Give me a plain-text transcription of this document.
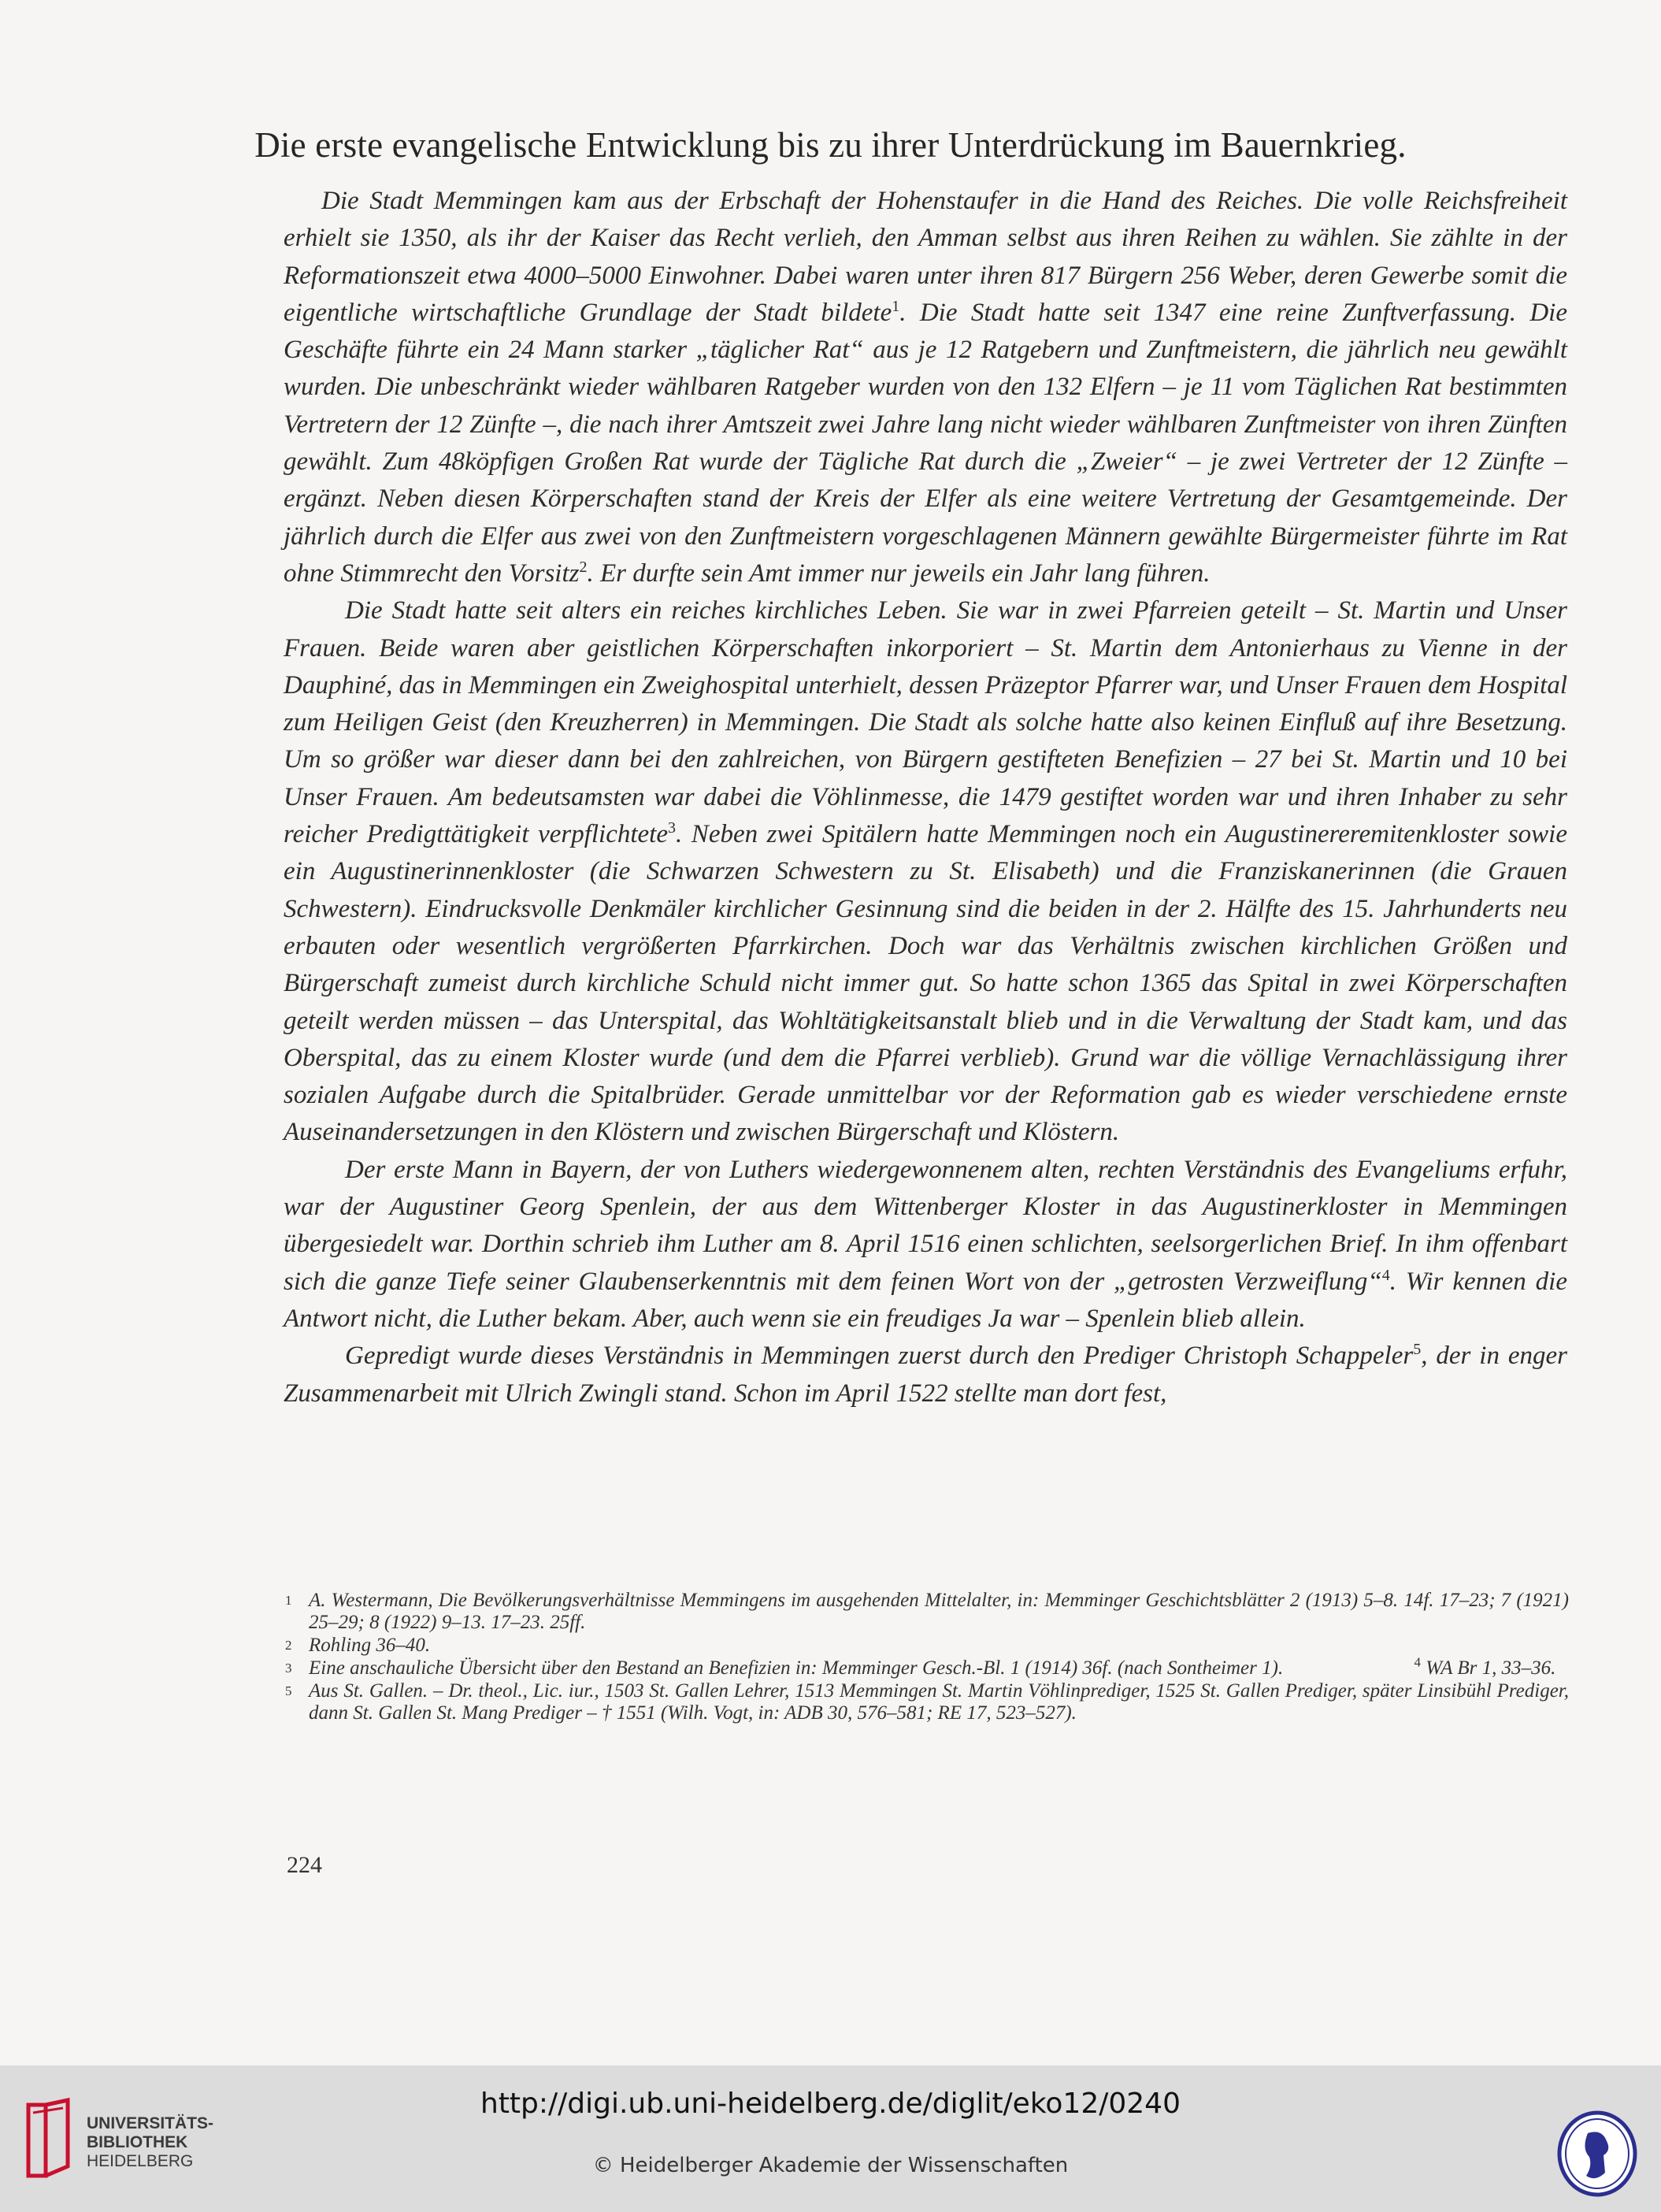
Die erste evangelische Entwicklung bis zu ihrer Unterdrückung im Bauernkrieg.

Die Stadt Memmingen kam aus der Erbschaft der Hohenstaufer in die Hand des Reiches. Die volle Reichsfreiheit erhielt sie 1350, als ihr der Kaiser das Recht verlieh, den Amman selbst aus ihren Reihen zu wählen. Sie zählte in der Reformationszeit etwa 4000–5000 Einwohner. Dabei waren unter ihren 817 Bürgern 256 Weber, deren Gewerbe somit die eigentliche wirtschaftliche Grundlage der Stadt bildete$^1$. Die Stadt hatte seit 1347 eine reine Zunftverfassung. Die Geschäfte führte ein 24 Mann starker „täglicher Rat“ aus je 12 Ratgebern und Zunftmeistern, die jährlich neu gewählt wurden. Die unbeschränkt wieder wählbaren Ratgeber wurden von den 132 Elfern – je 11 vom Täglichen Rat bestimmten Vertretern der 12 Zünfte –, die nach ihrer Amtszeit zwei Jahre lang nicht wieder wählbaren Zunftmeister von ihren Zünften gewählt. Zum 48köpfigen Großen Rat wurde der Tägliche Rat durch die „Zweier“ – je zwei Vertreter der 12 Zünfte – ergänzt. Neben diesen Körperschaften stand der Kreis der Elfer als eine weitere Vertretung der Gesamtgemeinde. Der jährlich durch die Elfer aus zwei von den Zunftmeistern vorgeschlagenen Männern gewählte Bürgermeister führte im Rat ohne Stimmrecht den Vorsitz$^2$. Er durfte sein Amt immer nur jeweils ein Jahr lang führen.

Die Stadt hatte seit alters ein reiches kirchliches Leben. Sie war in zwei Pfarreien geteilt – St. Martin und Unser Frauen. Beide waren aber geistlichen Körperschaften inkorporiert – St. Martin dem Antonierhaus zu Vienne in der Dauphiné, das in Memmingen ein Zweighospital unterhielt, dessen Präzeptor Pfarrer war, und Unser Frauen dem Hospital zum Heiligen Geist (den Kreuzherren) in Memmingen. Die Stadt als solche hatte also keinen Einfluß auf ihre Besetzung. Um so größer war dieser dann bei den zahlreichen, von Bürgern gestifteten Benefizien – 27 bei St. Martin und 10 bei Unser Frauen. Am bedeutsamsten war dabei die Vöhlinmesse, die 1479 gestiftet worden war und ihren Inhaber zu sehr reicher Predigttätigkeit verpflichtete$^3$. Neben zwei Spitälern hatte Memmingen noch ein Augustinereremitenkloster sowie ein Augustinerinnenkloster (die Schwarzen Schwestern zu St. Elisabeth) und die Franziskanerinnen (die Grauen Schwestern). Eindrucksvolle Denkmäler kirchlicher Gesinnung sind die beiden in der 2. Hälfte des 15. Jahrhunderts neu erbauten oder wesentlich vergrößerten Pfarrkirchen. Doch war das Verhältnis zwischen kirchlichen Größen und Bürgerschaft zumeist durch kirchliche Schuld nicht immer gut. So hatte schon 1365 das Spital in zwei Körperschaften geteilt werden müssen – das Unterspital, das Wohltätigkeitsanstalt blieb und in die Verwaltung der Stadt kam, und das Oberspital, das zu einem Kloster wurde (und dem die Pfarrei verblieb). Grund war die völlige Vernachlässigung ihrer sozialen Aufgabe durch die Spitalbrüder. Gerade unmittelbar vor der Reformation gab es wieder verschiedene ernste Auseinandersetzungen in den Klöstern und zwischen Bürgerschaft und Klöstern.

Der erste Mann in Bayern, der von Luthers wiedergewonnenem alten, rechten Verständnis des Evangeliums erfuhr, war der Augustiner Georg Spenlein, der aus dem Wittenberger Kloster in das Augustinerkloster in Memmingen übergesiedelt war. Dorthin schrieb ihm Luther am 8. April 1516 einen schlichten, seelsorgerlichen Brief. In ihm offenbart sich die ganze Tiefe seiner Glaubenserkenntnis mit dem feinen Wort von der „getrosten Verzweiflung“$^4$. Wir kennen die Antwort nicht, die Luther bekam. Aber, auch wenn sie ein freudiges Ja war – Spenlein blieb allein.

Gepredigt wurde dieses Verständnis in Memmingen zuerst durch den Prediger Christoph Schappeler$^5$, der in enger Zusammenarbeit mit Ulrich Zwingli stand. Schon im April 1522 stellte man dort fest,

1 A. Westermann, Die Bevölkerungsverhältnisse Memmingens im ausgehenden Mittelalter, in: Memminger Geschichtsblätter 2 (1913) 5–8. 14f. 17–23; 7 (1921) 25–29; 8 (1922) 9–13. 17–23. 25ff.
2 Rohling 36–40.
3 Eine anschauliche Übersicht über den Bestand an Benefizien in: Memminger Gesch.-Bl. 1 (1914) 36f. (nach Sontheimer 1).	$^4$ WA Br 1, 33–36.
5 Aus St. Gallen. – Dr. theol., Lic. iur., 1503 St. Gallen Lehrer, 1513 Memmingen St. Martin Vöhlinprediger, 1525 St. Gallen Prediger, später Linsibühl Prediger, dann St. Gallen St. Mang Prediger – † 1551 (Wilh. Vogt, in: ADB 30, 576–581; RE 17, 523–527).
224
UNIVERSITÄTS-
BIBLIOTHEK
HEIDELBERG
http://digi.ub.uni-heidelberg.de/diglit/eko12/0240
© Heidelberger Akademie der Wissenschaften
